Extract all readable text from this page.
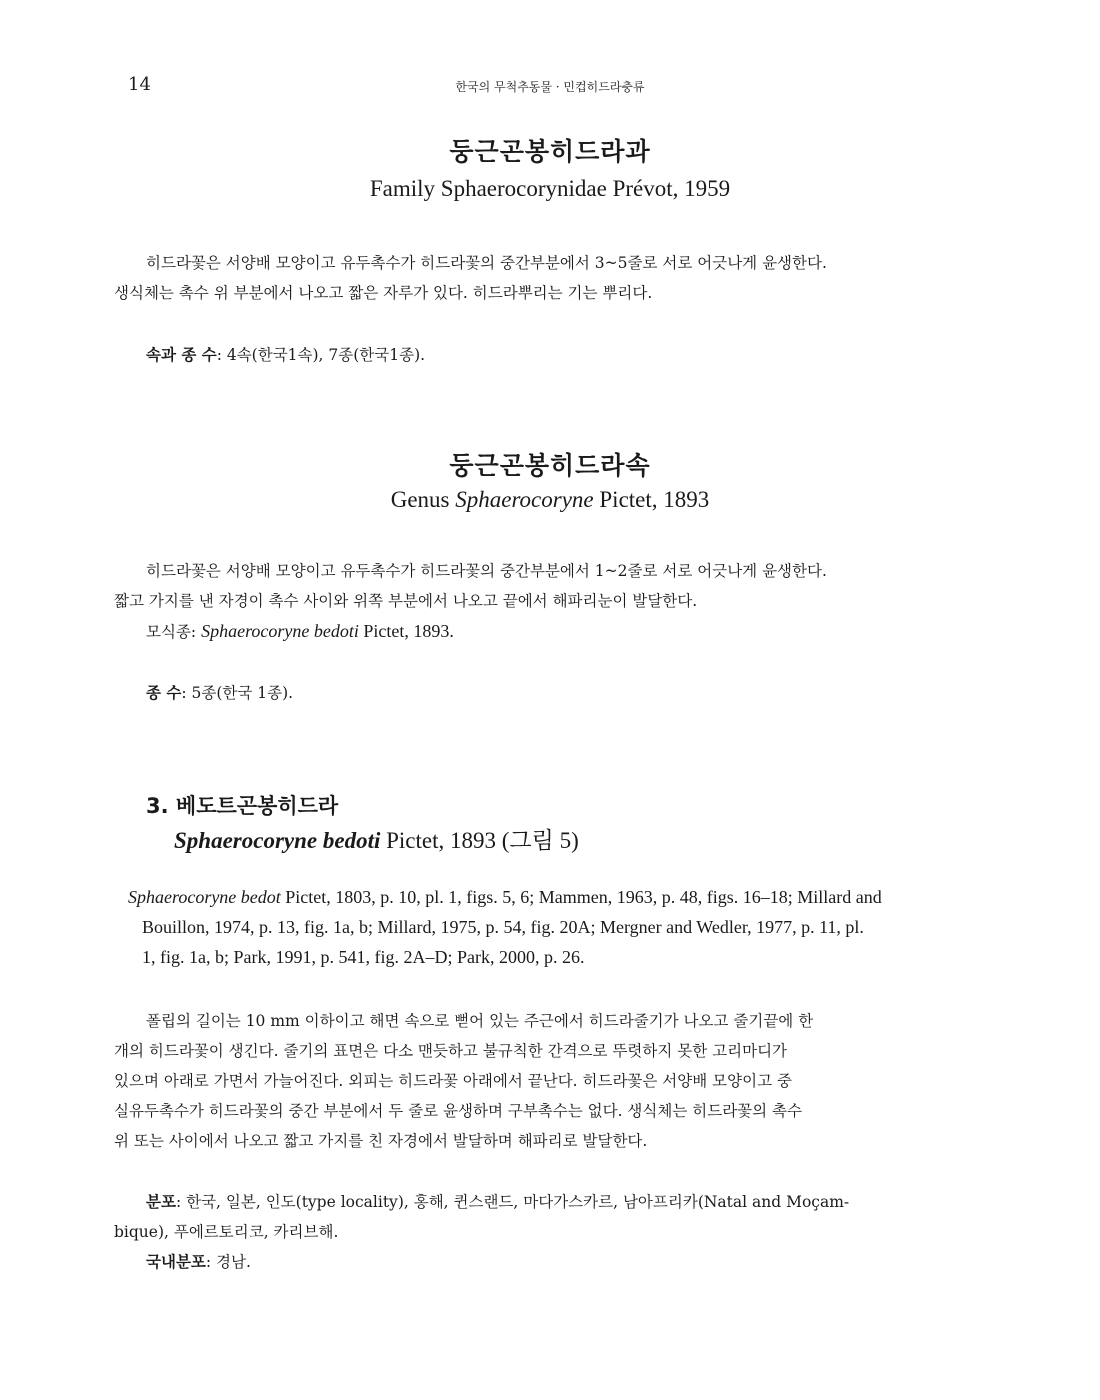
14	한국의 무척추동물 · 민컵히드라충류
둥근곤봉히드라과
Family Sphaerocorynidae Prévot, 1959
히드라꽃은 서양배 모양이고 유두촉수가 히드라꽃의 중간부분에서 3~5줄로 서로 어긋나게 윤생한다.
생식체는 촉수 위 부분에서 나오고 짧은 자루가 있다. 히드라뿌리는 기는 뿌리다.
속과 종 수: 4속(한국1속), 7종(한국1종).
둥근곤봉히드라속
Genus Sphaerocoryne Pictet, 1893
히드라꽃은 서양배 모양이고 유두촉수가 히드라꽃의 중간부분에서 1~2줄로 서로 어긋나게 윤생한다.
짧고 가지를 낸 자경이 촉수 사이와 위쪽 부분에서 나오고 끝에서 해파리눈이 발달한다.
모식종: Sphaerocoryne bedoti Pictet, 1893.
종 수: 5종(한국 1종).
3. 베도트곤봉히드라
Sphaerocoryne bedoti Pictet, 1893 (그림 5)
Sphaerocoryne bedot Pictet, 1803, p. 10, pl. 1, figs. 5, 6; Mammen, 1963, p. 48, figs. 16–18; Millard and
Bouillon, 1974, p. 13, fig. 1a, b; Millard, 1975, p. 54, fig. 20A; Mergner and Wedler, 1977, p. 11, pl.
1, fig. 1a, b; Park, 1991, p. 541, fig. 2A–D; Park, 2000, p. 26.
폴립의 길이는 10 mm 이하이고 해면 속으로 뻗어 있는 주근에서 히드라줄기가 나오고 줄기끝에 한
개의 히드라꽃이 생긴다. 줄기의 표면은 다소 맨듯하고 불규칙한 간격으로 뚜렷하지 못한 고리마디가
있으며 아래로 가면서 가늘어진다. 외피는 히드라꽃 아래에서 끝난다. 히드라꽃은 서양배 모양이고 중
실유두촉수가 히드라꽃의 중간 부분에서 두 줄로 윤생하며 구부촉수는 없다. 생식체는 히드라꽃의 촉수
위 또는 사이에서 나오고 짧고 가지를 친 자경에서 발달하며 해파리로 발달한다.
분포: 한국, 일본, 인도(type locality), 홍해, 퀸스랜드, 마다가스카르, 남아프리카(Natal and Moçam-
bique), 푸에르토리코, 카리브해.
국내분포: 경남.
